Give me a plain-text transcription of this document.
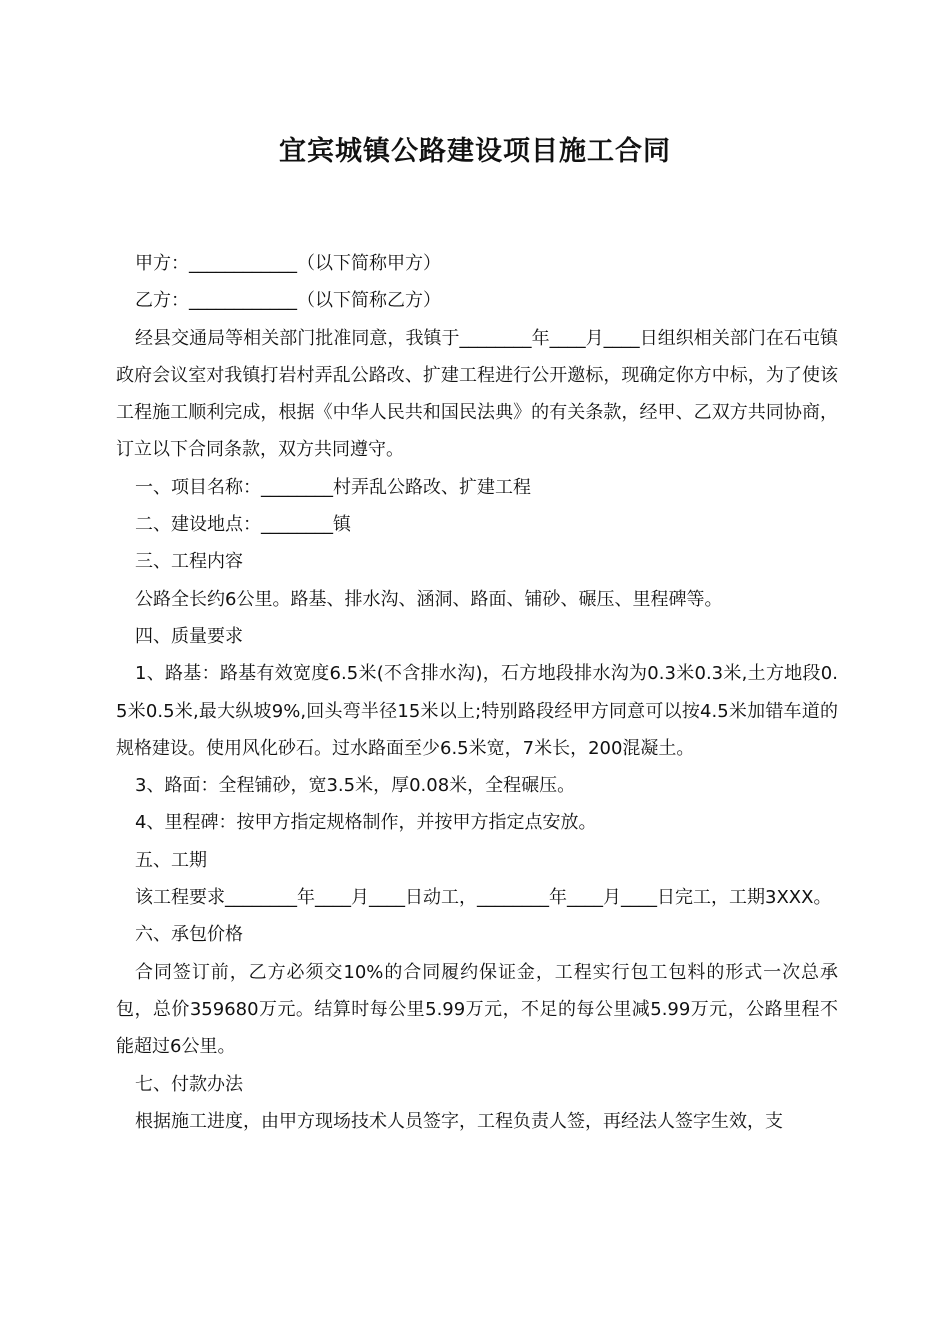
宜宾城镇公路建设项目施工合同

甲方：____________（以下简称甲方）

乙方：____________（以下简称乙方）

经县交通局等相关部门批准同意，我镇于________年____月____日组织相关部门在石屯镇政府会议室对我镇打岩村弄乱公路改、扩建工程进行公开邀标，现确定你方中标，为了使该工程施工顺利完成，根据《中华人民共和国民法典》的有关条款，经甲、乙双方共同协商，订立以下合同条款，双方共同遵守。

一、项目名称：________村弄乱公路改、扩建工程

二、建设地点：________镇

三、工程内容

公路全长约6公里。路基、排水沟、涵洞、路面、铺砂、碾压、里程碑等。

四、质量要求

1、路基：路基有效宽度6.5米(不含排水沟)，石方地段排水沟为0.3米0.3米,土方地段0.5米0.5米,最大纵坡9%,回头弯半径15米以上;特别路段经甲方同意可以按4.5米加错车道的规格建设。使用风化砂石。过水路面至少6.5米宽，7米长，200混凝土。

3、路面：全程铺砂，宽3.5米，厚0.08米，全程碾压。

4、里程碑：按甲方指定规格制作，并按甲方指定点安放。

五、工期

该工程要求________年____月____日动工，________年____月____日完工，工期3XXX。

六、承包价格

合同签订前，乙方必须交10%的合同履约保证金，工程实行包工包料的形式一次总承包，总价359680万元。结算时每公里5.99万元，不足的每公里减5.99万元，公路里程不能超过6公里。

七、付款办法

根据施工进度，由甲方现场技术人员签字，工程负责人签，再经法人签字生效，支
